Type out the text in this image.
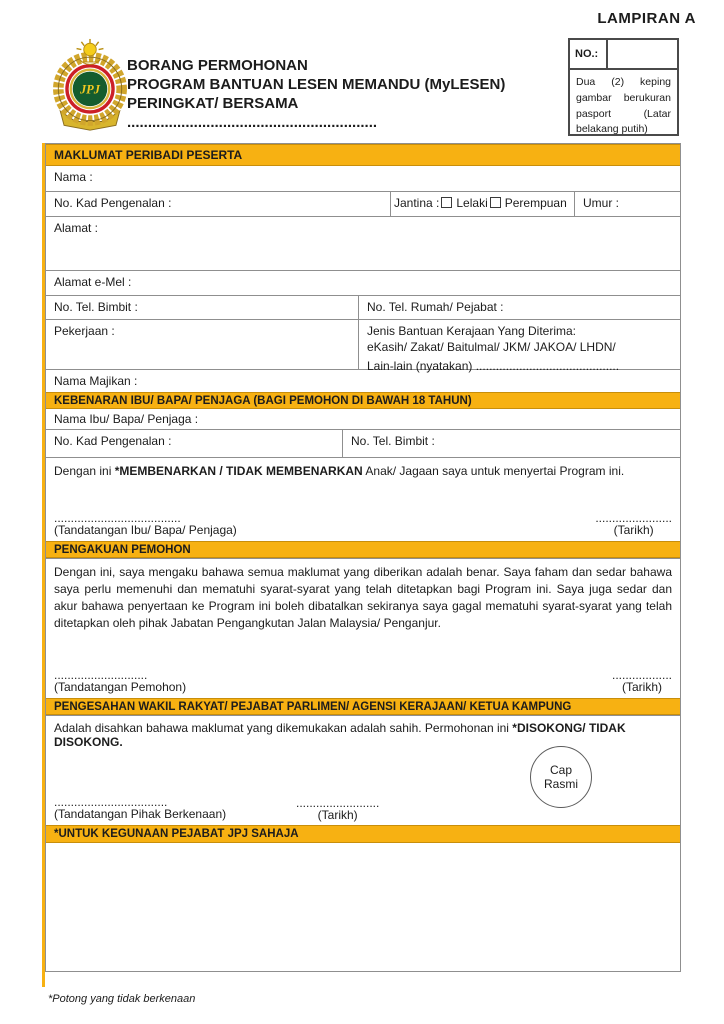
LAMPIRAN A
NO.:
Dua (2) keping gambar berukuran pasport (Latar belakang putih)
JPJ
BORANG PERMOHONAN
PROGRAM BANTUAN LESEN MEMANDU (MyLESEN)
PERINGKAT/ BERSAMA ............................................................
MAKLUMAT PERIBADI PESERTA
Nama :
No. Kad Pengenalan :	Jantina : Lelaki Perempuan	Umur :
Alamat :
Alamat e-Mel :
No. Tel. Bimbit :	No. Tel. Rumah/ Pejabat :
Pekerjaan :	Jenis Bantuan Kerajaan Yang Diterima:
eKasih/ Zakat/ Baitulmal/ JKM/ JAKOA/ LHDN/
Lain-lain (nyatakan) ...........................................
Nama Majikan :
KEBENARAN IBU/ BAPA/ PENJAGA (BAGI PEMOHON DI BAWAH 18 TAHUN)
Nama Ibu/ Bapa/ Penjaga :
No. Kad Pengenalan :	No. Tel. Bimbit :
Dengan ini *MEMBENARKAN / TIDAK MEMBENARKAN Anak/ Jagaan saya untuk menyertai Program ini.
......................................
(Tandatangan Ibu/ Bapa/ Penjaga)
.......................
(Tarikh)
PENGAKUAN PEMOHON
Dengan ini, saya mengaku bahawa semua maklumat yang diberikan adalah benar. Saya faham dan sedar bahawa saya perlu memenuhi dan mematuhi syarat-syarat yang telah ditetapkan bagi Program ini. Saya juga sedar dan akur bahawa penyertaan ke Program ini boleh dibatalkan sekiranya saya gagal mematuhi syarat-syarat yang telah ditetapkan oleh pihak Jabatan Pengangkutan Jalan Malaysia/ Penganjur.
............................
(Tandatangan Pemohon)
..................
(Tarikh)
PENGESAHAN WAKIL RAKYAT/ PEJABAT PARLIMEN/ AGENSI KERAJAAN/ KETUA KAMPUNG
Adalah disahkan bahawa maklumat yang dikemukakan adalah sahih. Permohonan ini *DISOKONG/ TIDAK DISOKONG.
Cap
Rasmi
..................................
(Tandatangan Pihak Berkenaan)
.........................
(Tarikh)
*UNTUK KEGUNAAN PEJABAT JPJ SAHAJA
*Potong yang tidak berkenaan
